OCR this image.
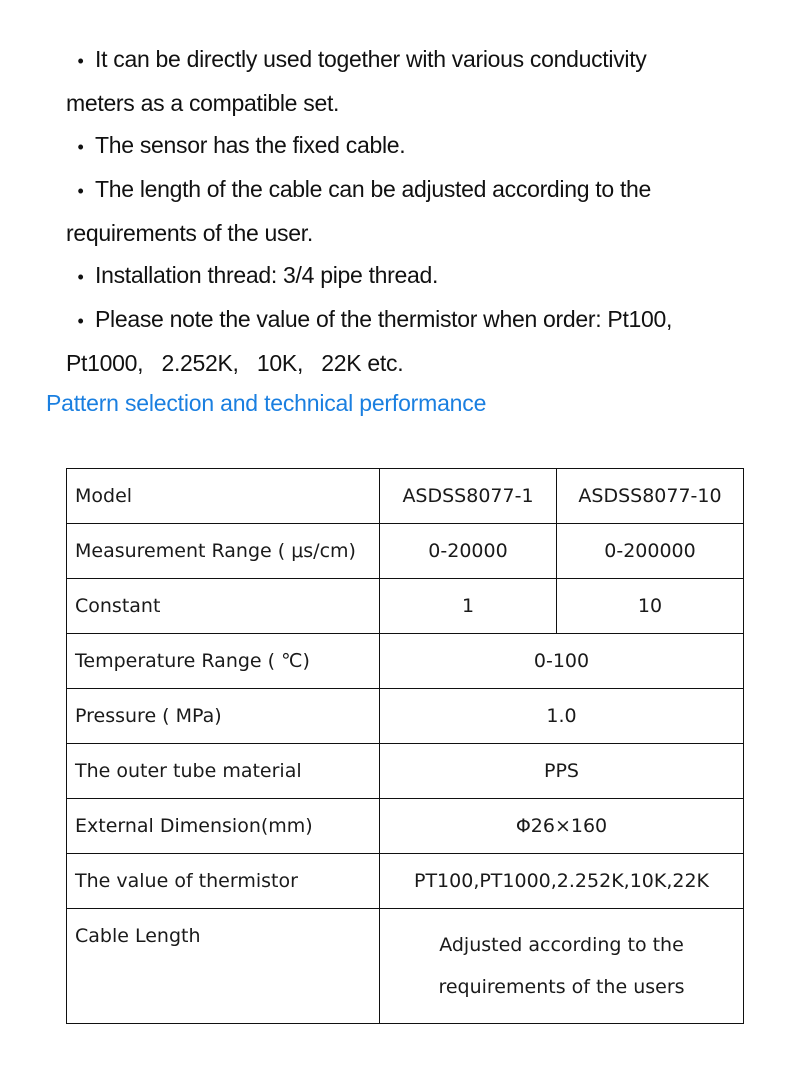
• It can be directly used together with various conductivity

meters as a compatible set.

• The sensor has the fixed cable.

• The length of the cable can be adjusted according to the

requirements of the user.

• Installation thread: 3/4 pipe thread.

• Please note the value of the thermistor when order: Pt100,

Pt1000,   2.252K,   10K,   22K etc.

Pattern selection and technical performance
Model	ASDSS8077-1	ASDSS8077-10
Measurement Range ( μs/cm)	0-20000	0-200000
Constant	1	10
Temperature Range ( ℃)	0-100	
Pressure ( MPa)	1.0	
The outer tube material	PPS	
External Dimension(mm)	Φ26×160	
The value of thermistor	PT100,PT1000,2.252K,10K,22K	
Cable Length	Adjusted according to the
requirements of the users	
